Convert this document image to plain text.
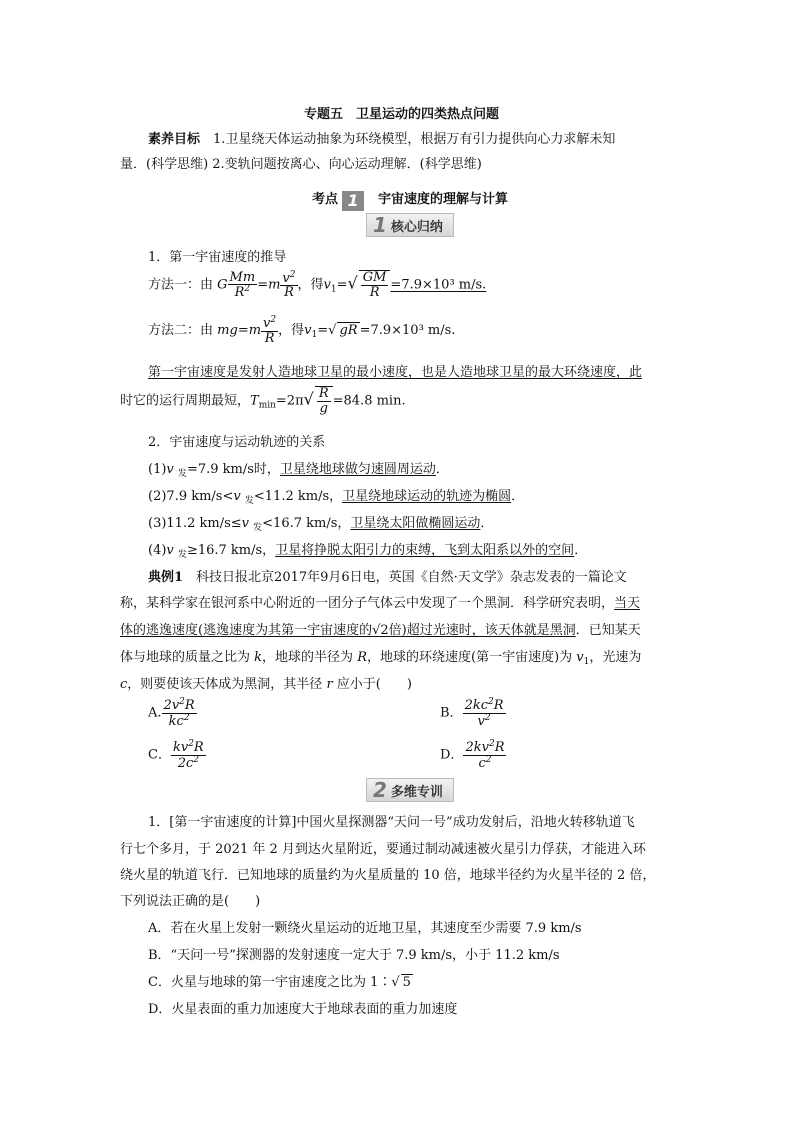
专题五　卫星运动的四类热点问题
素养目标　 1.卫星绕天体运动抽象为环绕模型，根据万有引力提供向心力求解未知
量．(科学思维) 2.变轨问题按离心、向心运动理解．(科学思维)
考点 1 宇宙速度的理解与计算
1 核心归纳
1．第一宇宙速度的推导
方法一：由 G $\frac{Mm}{R^2} =m \frac{v^2}{R}$ ，得$v_1=√ \frac{GM}{R} =7.9\times 10^3$ m/s.
方法二：由 $mg=m \frac{v^2}{R}$ ，得$v_1=√$ gR =7.9×10³ m/s.
第一宇宙速度是发射人造地球卫星的最小速度，也是人造地球卫星的最大环绕速度，此
时它的运行周期最短，$T_{min}=2\pi√ \frac{R}{g} =84.8$ min.
2．宇宙速度与运动轨迹的关系
(1)v $_发$=7.9 km/s时，卫星绕地球做匀速圆周运动．
(2)7.9 km/s<v $_发$<11.2 km/s，卫星绕地球运动的轨迹为椭圆．
(3)11.2 km/s≤v $_发$<16.7 km/s，卫星绕太阳做椭圆运动．
(4)v $_发$≥16.7 km/s，卫星将挣脱太阳引力的束缚，飞到太阳系以外的空间．
典例1　科技日报北京2017年9月6日电，英国《自然·天文学》杂志发表的一篇论文
称，某科学家在银河系中心附近的一团分子气体云中发现了一个黑洞．科学研究表明，当天
体的逃逸速度(逃逸速度为其第一宇宙速度的√2倍)超过光速时，该天体就是黑洞．已知某天
体与地球的质量之比为 k，地球的半径为 R，地球的环绕速度(第一宇宙速度)为 $v_1$，光速为
c，则要使该天体成为黑洞，其半径 r 应小于(　　)
A. $\frac{2v^2R}{kc^2}$	B． $\frac{2kc^2R}{v^2}$
C． $\frac{kv^2R}{2c^2}$	D． $\frac{2kv^2R}{c^2}$
2 多维专训
1．[第一宇宙速度的计算]中国火星探测器“天问一号”成功发射后，沿地火转移轨道飞
行七个多月，于 2021 年 2 月到达火星附近，要通过制动减速被火星引力俘获，才能进入环
绕火星的轨道飞行．已知地球的质量约为火星质量的 10 倍，地球半径约为火星半径的 2 倍，
下列说法正确的是(　　)
A．若在火星上发射一颗绕火星运动的近地卫星，其速度至少需要 7.9 km/s
B．“天问一号”探测器的发射速度一定大于 7.9 km/s，小于 11.2 km/s
C．火星与地球的第一宇宙速度之比为 1∶√ 5
D．火星表面的重力加速度大于地球表面的重力加速度
